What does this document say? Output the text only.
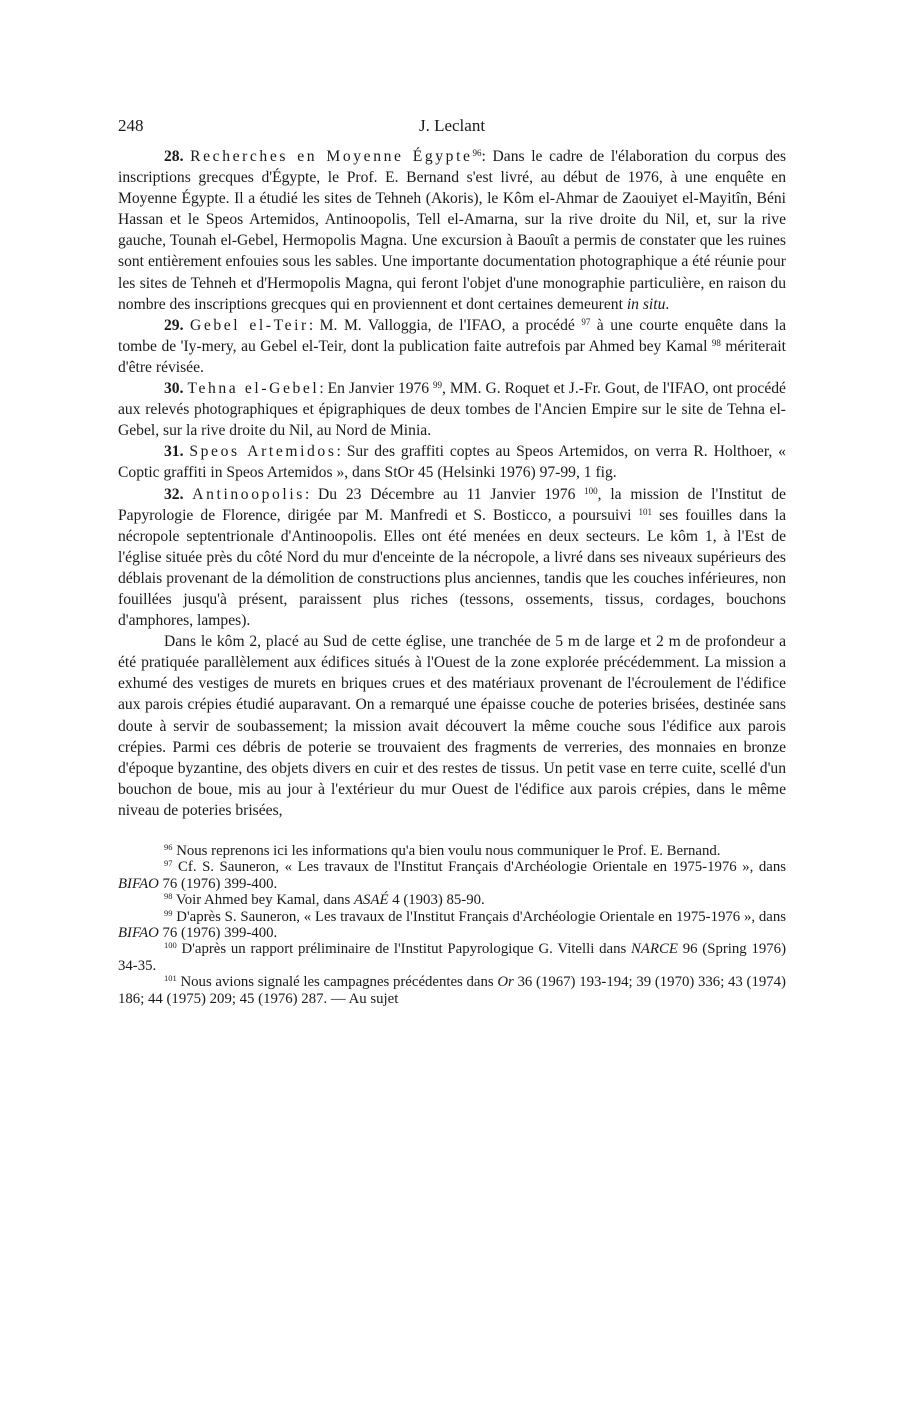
248	J. Leclant

28. Recherches en Moyenne Égypte$^{96}$: Dans le cadre de l'élaboration du corpus des inscriptions grecques d'Égypte, le Prof. E. Bernand s'est livré, au début de 1976, à une enquête en Moyenne Égypte. Il a étudié les sites de Tehneh (Akoris), le Kôm el-Ahmar de Zaouiyet el-Mayitîn, Béni Hassan et le Speos Artemidos, Antinoopolis, Tell el-Amarna, sur la rive droite du Nil, et, sur la rive gauche, Tounah el-Gebel, Hermopolis Magna. Une excursion à Baouît a permis de constater que les ruines sont entièrement enfouies sous les sables. Une importante documentation photographique a été réunie pour les sites de Tehneh et d'Hermopolis Magna, qui feront l'objet d'une monographie particulière, en raison du nombre des inscriptions grecques qui en proviennent et dont certaines demeurent in situ.

29. Gebel el-Teir: M. M. Valloggia, de l'IFAO, a procédé $^{97}$ à une courte enquête dans la tombe de 'Iy-mery, au Gebel el-Teir, dont la publication faite autrefois par Ahmed bey Kamal $^{98}$ mériterait d'être révisée.

30. Tehna el-Gebel: En Janvier 1976 $^{99}$, MM. G. Roquet et J.-Fr. Gout, de l'IFAO, ont procédé aux relevés photographiques et épigraphiques de deux tombes de l'Ancien Empire sur le site de Tehna el-Gebel, sur la rive droite du Nil, au Nord de Minia.

31. Speos Artemidos: Sur des graffiti coptes au Speos Artemidos, on verra R. Holthoer, « Coptic graffiti in Speos Artemidos », dans StOr 45 (Helsinki 1976) 97-99, 1 fig.

32. Antinoopolis: Du 23 Décembre au 11 Janvier 1976 $^{100}$, la mission de l'Institut de Papyrologie de Florence, dirigée par M. Manfredi et S. Bosticco, a poursuivi $^{101}$ ses fouilles dans la nécropole septentrionale d'Antinoopolis. Elles ont été menées en deux secteurs. Le kôm 1, à l'Est de l'église située près du côté Nord du mur d'enceinte de la nécropole, a livré dans ses niveaux supérieurs des déblais provenant de la démolition de constructions plus anciennes, tandis que les couches inférieures, non fouillées jusqu'à présent, paraissent plus riches (tessons, ossements, tissus, cordages, bouchons d'amphores, lampes).

Dans le kôm 2, placé au Sud de cette église, une tranchée de 5 m de large et 2 m de profondeur a été pratiquée parallèlement aux édifices situés à l'Ouest de la zone explorée précédemment. La mission a exhumé des vestiges de murets en briques crues et des matériaux provenant de l'écroulement de l'édifice aux parois crépies étudié auparavant. On a remarqué une épaisse couche de poteries brisées, destinée sans doute à servir de soubassement; la mission avait découvert la même couche sous l'édifice aux parois crépies. Parmi ces débris de poterie se trouvaient des fragments de verreries, des monnaies en bronze d'époque byzantine, des objets divers en cuir et des restes de tissus. Un petit vase en terre cuite, scellé d'un bouchon de boue, mis au jour à l'extérieur du mur Ouest de l'édifice aux parois crépies, dans le même niveau de poteries brisées,

$^{96}$ Nous reprenons ici les informations qu'a bien voulu nous communiquer le Prof. E. Bernand.

$^{97}$ Cf. S. Sauneron, « Les travaux de l'Institut Français d'Archéologie Orientale en 1975-1976 », dans BIFAO 76 (1976) 399-400.

$^{98}$ Voir Ahmed bey Kamal, dans ASAÉ 4 (1903) 85-90.

$^{99}$ D'après S. Sauneron, « Les travaux de l'Institut Français d'Archéologie Orientale en 1975-1976 », dans BIFAO 76 (1976) 399-400.

$^{100}$ D'après un rapport préliminaire de l'Institut Papyrologique G. Vitelli dans NARCE 96 (Spring 1976) 34-35.

$^{101}$ Nous avions signalé les campagnes précédentes dans Or 36 (1967) 193-194; 39 (1970) 336; 43 (1974) 186; 44 (1975) 209; 45 (1976) 287. — Au sujet
